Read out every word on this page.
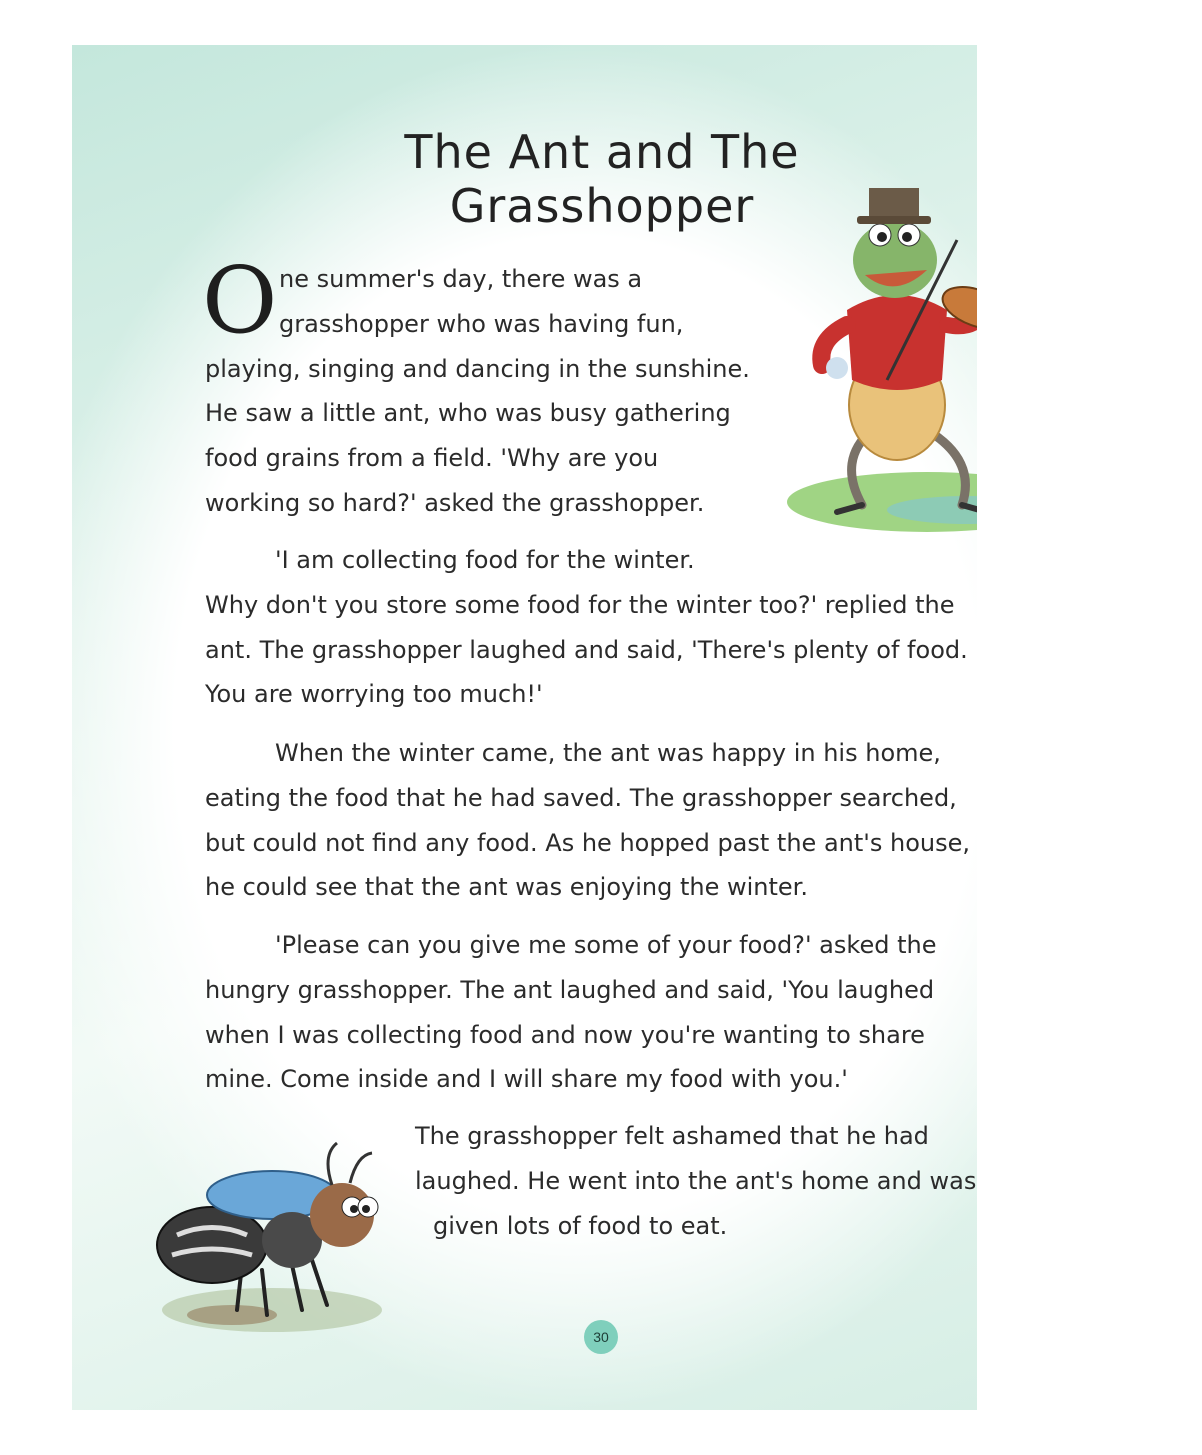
The Ant and The
Grasshopper
O ne summer's day, there was a
grasshopper who was having fun,
playing, singing and dancing in the sunshine.
He saw a little ant, who was busy gathering
food grains from a field. 'Why are you
working so hard?' asked the grasshopper.
'I am collecting food for the winter.
Why don't you store some food for the winter too?' replied the
ant. The grasshopper laughed and said, 'There's plenty of food.
You are worrying too much!'
When the winter came, the ant was happy in his home,
eating the food that he had saved. The grasshopper searched,
but could not find any food. As he hopped past the ant's house,
he could see that the ant was enjoying the winter.
'Please can you give me some of your food?' asked the
hungry grasshopper. The ant laughed and said, 'You laughed
when I was collecting food and now you're wanting to share
mine. Come inside and I will share my food with you.'
The grasshopper felt ashamed that he had
laughed. He went into the ant's home and was
given lots of food to eat.
30
